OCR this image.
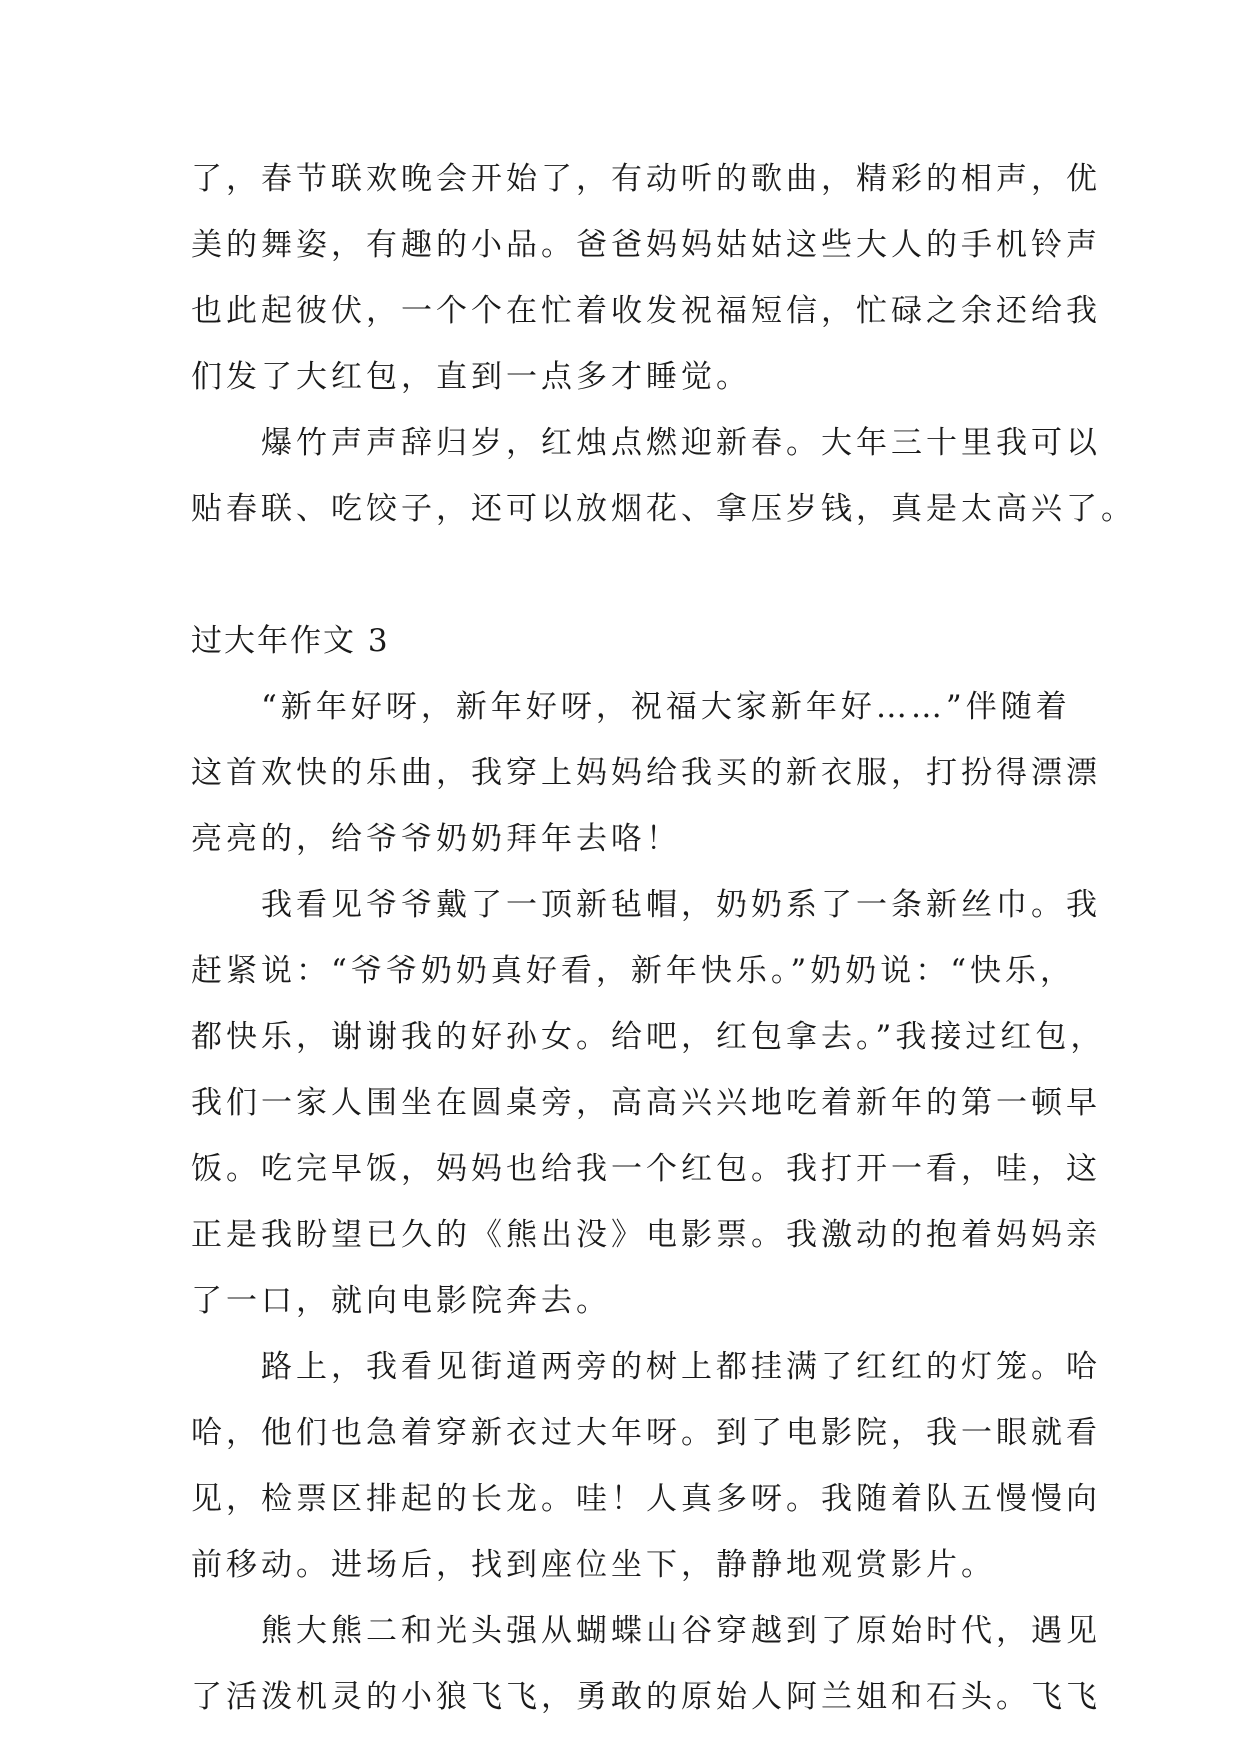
了，春节联欢晚会开始了，有动听的歌曲，精彩的相声，优
美的舞姿，有趣的小品。爸爸妈妈姑姑这些大人的手机铃声
也此起彼伏，一个个在忙着收发祝福短信，忙碌之余还给我
们发了大红包，直到一点多才睡觉。
爆竹声声辞归岁，红烛点燃迎新春。大年三十里我可以
贴春联、吃饺子，还可以放烟花、拿压岁钱，真是太高兴了。
过大年作文 3
“新年好呀，新年好呀，祝福大家新年好……”伴随着
这首欢快的乐曲，我穿上妈妈给我买的新衣服，打扮得漂漂
亮亮的，给爷爷奶奶拜年去咯！
我看见爷爷戴了一顶新毡帽，奶奶系了一条新丝巾。我
赶紧说：“爷爷奶奶真好看，新年快乐。”奶奶说：“快乐，
都快乐，谢谢我的好孙女。给吧，红包拿去。”我接过红包，
我们一家人围坐在圆桌旁，高高兴兴地吃着新年的第一顿早
饭。吃完早饭，妈妈也给我一个红包。我打开一看，哇，这
正是我盼望已久的《熊出没》电影票。我激动的抱着妈妈亲
了一口，就向电影院奔去。
路上，我看见街道两旁的树上都挂满了红红的灯笼。哈
哈，他们也急着穿新衣过大年呀。到了电影院，我一眼就看
见，检票区排起的长龙。哇！人真多呀。我随着队五慢慢向
前移动。进场后，找到座位坐下，静静地观赏影片。
熊大熊二和光头强从蝴蝶山谷穿越到了原始时代，遇见
了活泼机灵的小狼飞飞，勇敢的原始人阿兰姐和石头。飞飞
